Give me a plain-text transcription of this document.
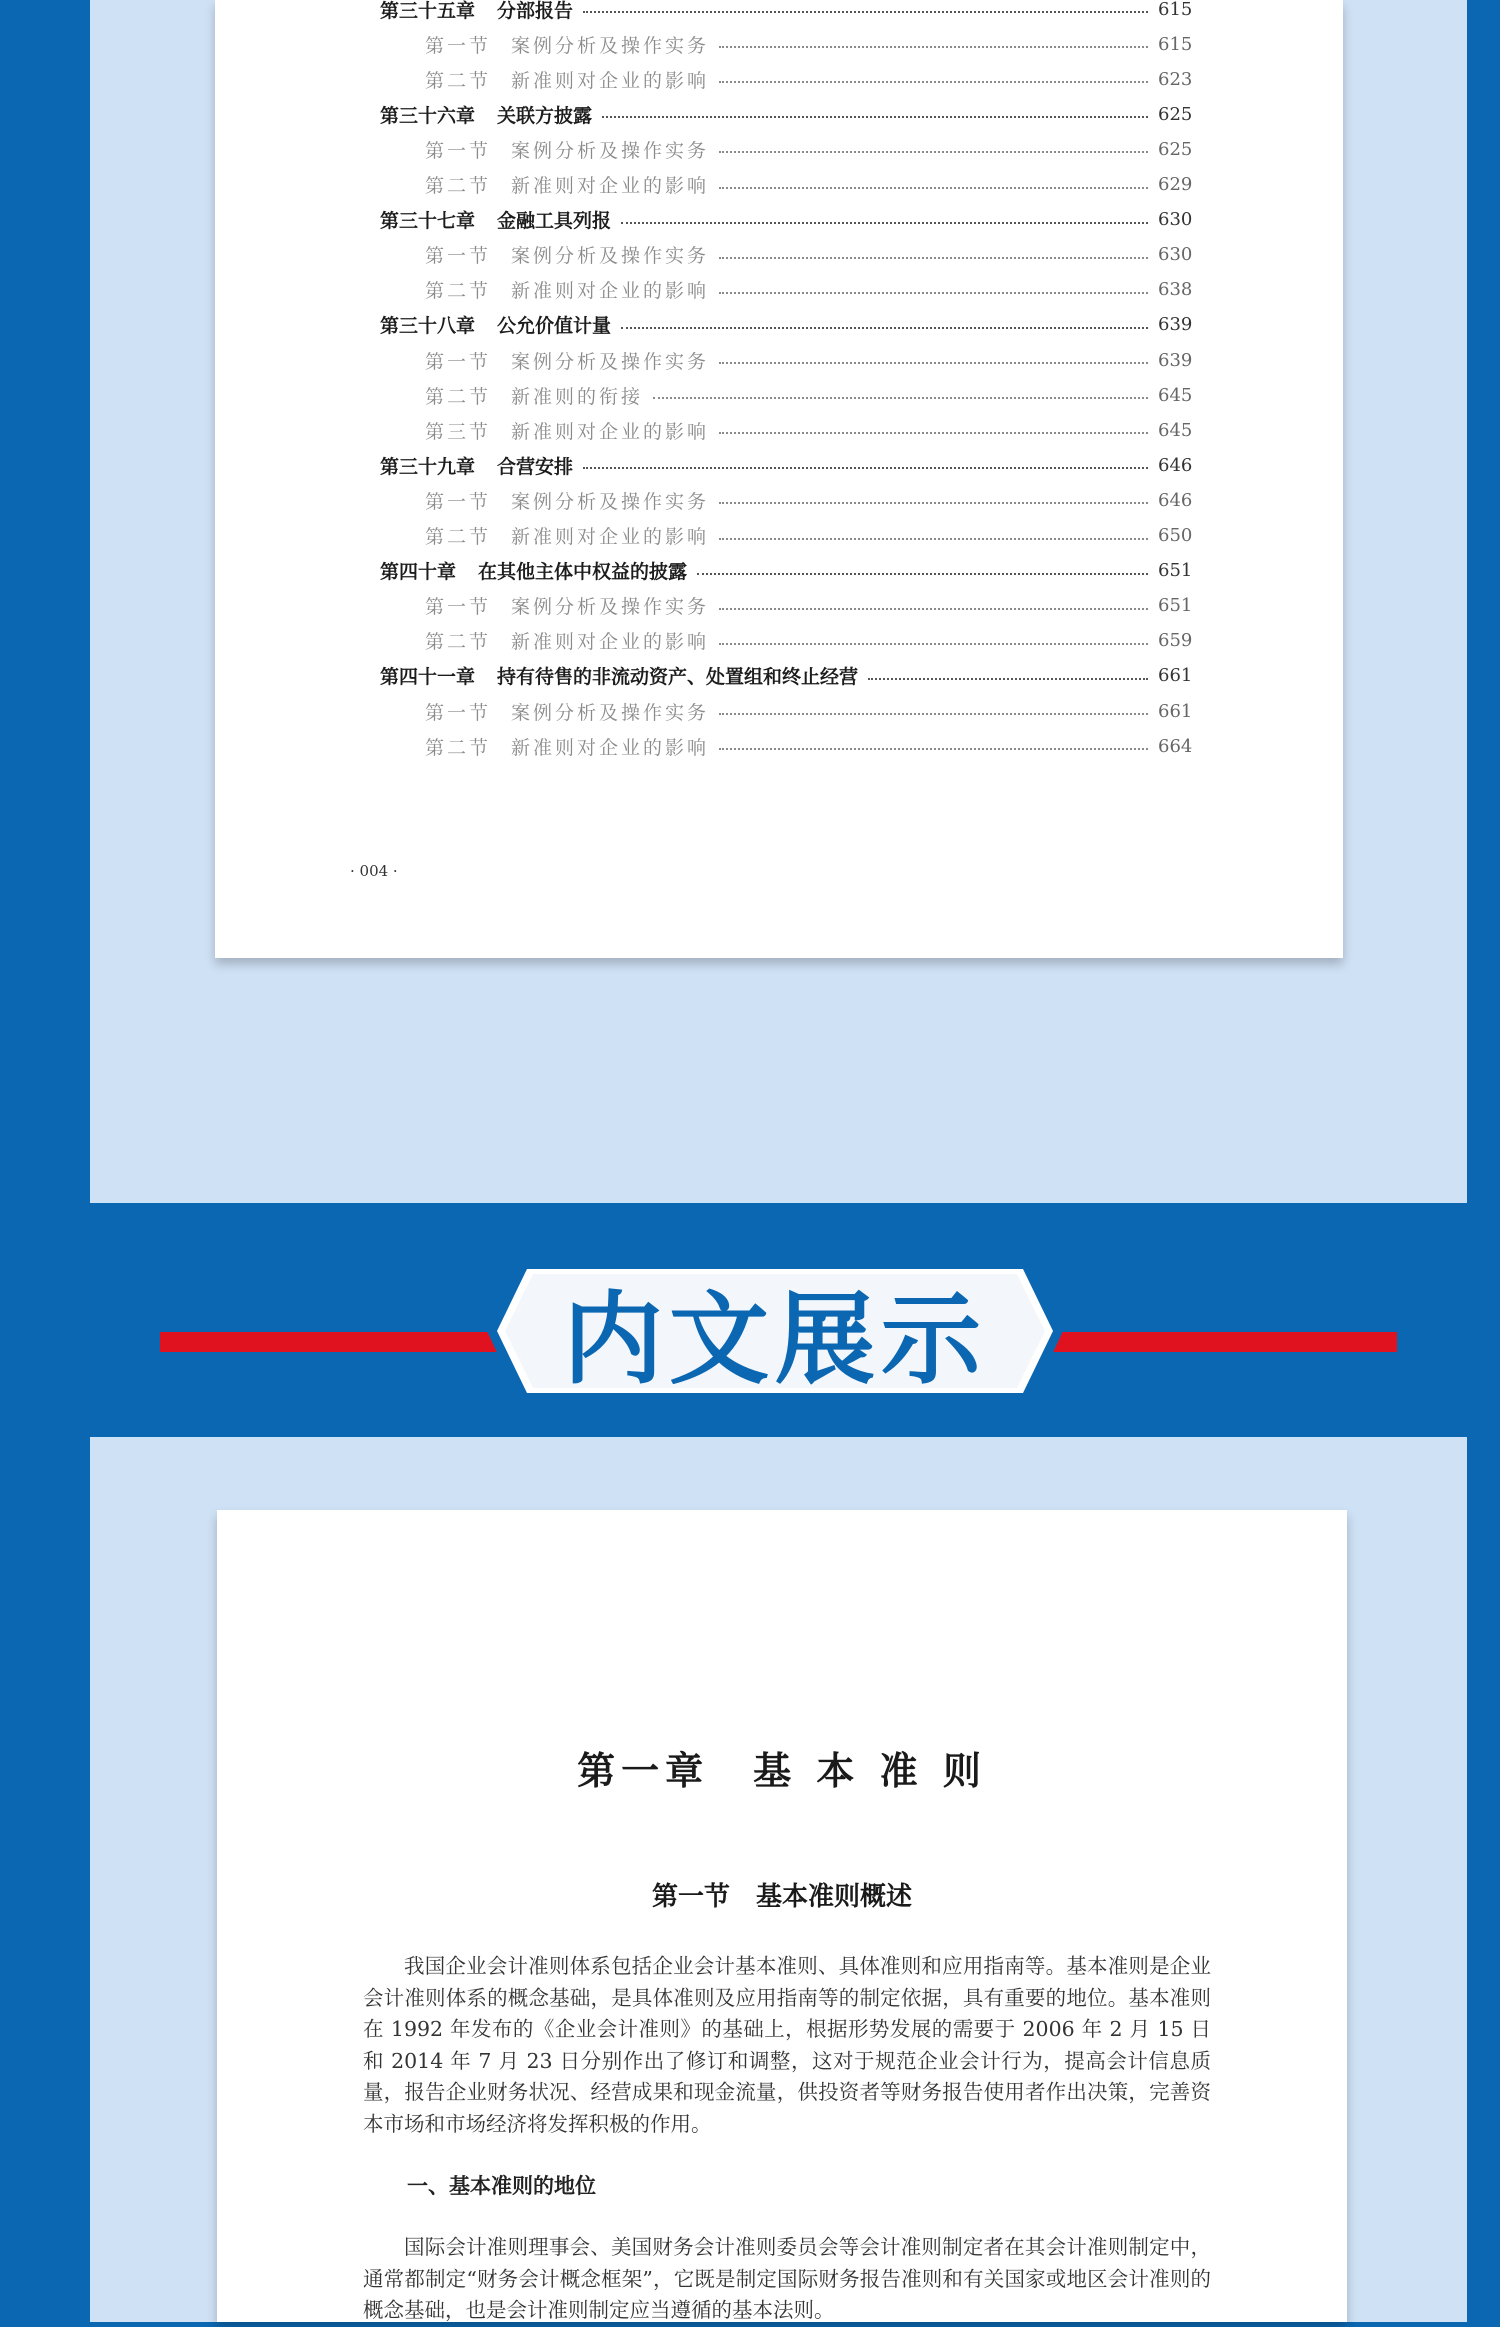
第三十五章 分部报告	615
第一节 案例分析及操作实务	615
第二节 新准则对企业的影响	623
第三十六章 关联方披露	625
第一节 案例分析及操作实务	625
第二节 新准则对企业的影响	629
第三十七章 金融工具列报	630
第一节 案例分析及操作实务	630
第二节 新准则对企业的影响	638
第三十八章 公允价值计量	639
第一节 案例分析及操作实务	639
第二节 新准则的衔接	645
第三节 新准则对企业的影响	645
第三十九章 合营安排	646
第一节 案例分析及操作实务	646
第二节 新准则对企业的影响	650
第四十章 在其他主体中权益的披露	651
第一节 案例分析及操作实务	651
第二节 新准则对企业的影响	659
第四十一章 持有待售的非流动资产、处置组和终止经营	661
第一节 案例分析及操作实务	661
第二节 新准则对企业的影响	664
· 004 ·
内文展示
第一章　基 本 准 则
第一节　基本准则概述
我国企业会计准则体系包括企业会计基本准则、具体准则和应用指南等。基本准则是企业会计准则体系的概念基础，是具体准则及应用指南等的制定依据，具有重要的地位。基本准则在 1992 年发布的《企业会计准则》的基础上，根据形势发展的需要于 2006 年 2 月 15 日和 2014 年 7 月 23 日分别作出了修订和调整，这对于规范企业会计行为，提高会计信息质量，报告企业财务状况、经营成果和现金流量，供投资者等财务报告使用者作出决策，完善资本市场和市场经济将发挥积极的作用。
一、基本准则的地位
国际会计准则理事会、美国财务会计准则委员会等会计准则制定者在其会计准则制定中，通常都制定“财务会计概念框架”，它既是制定国际财务报告准则和有关国家或地区会计准则的概念基础，也是会计准则制定应当遵循的基本法则。
